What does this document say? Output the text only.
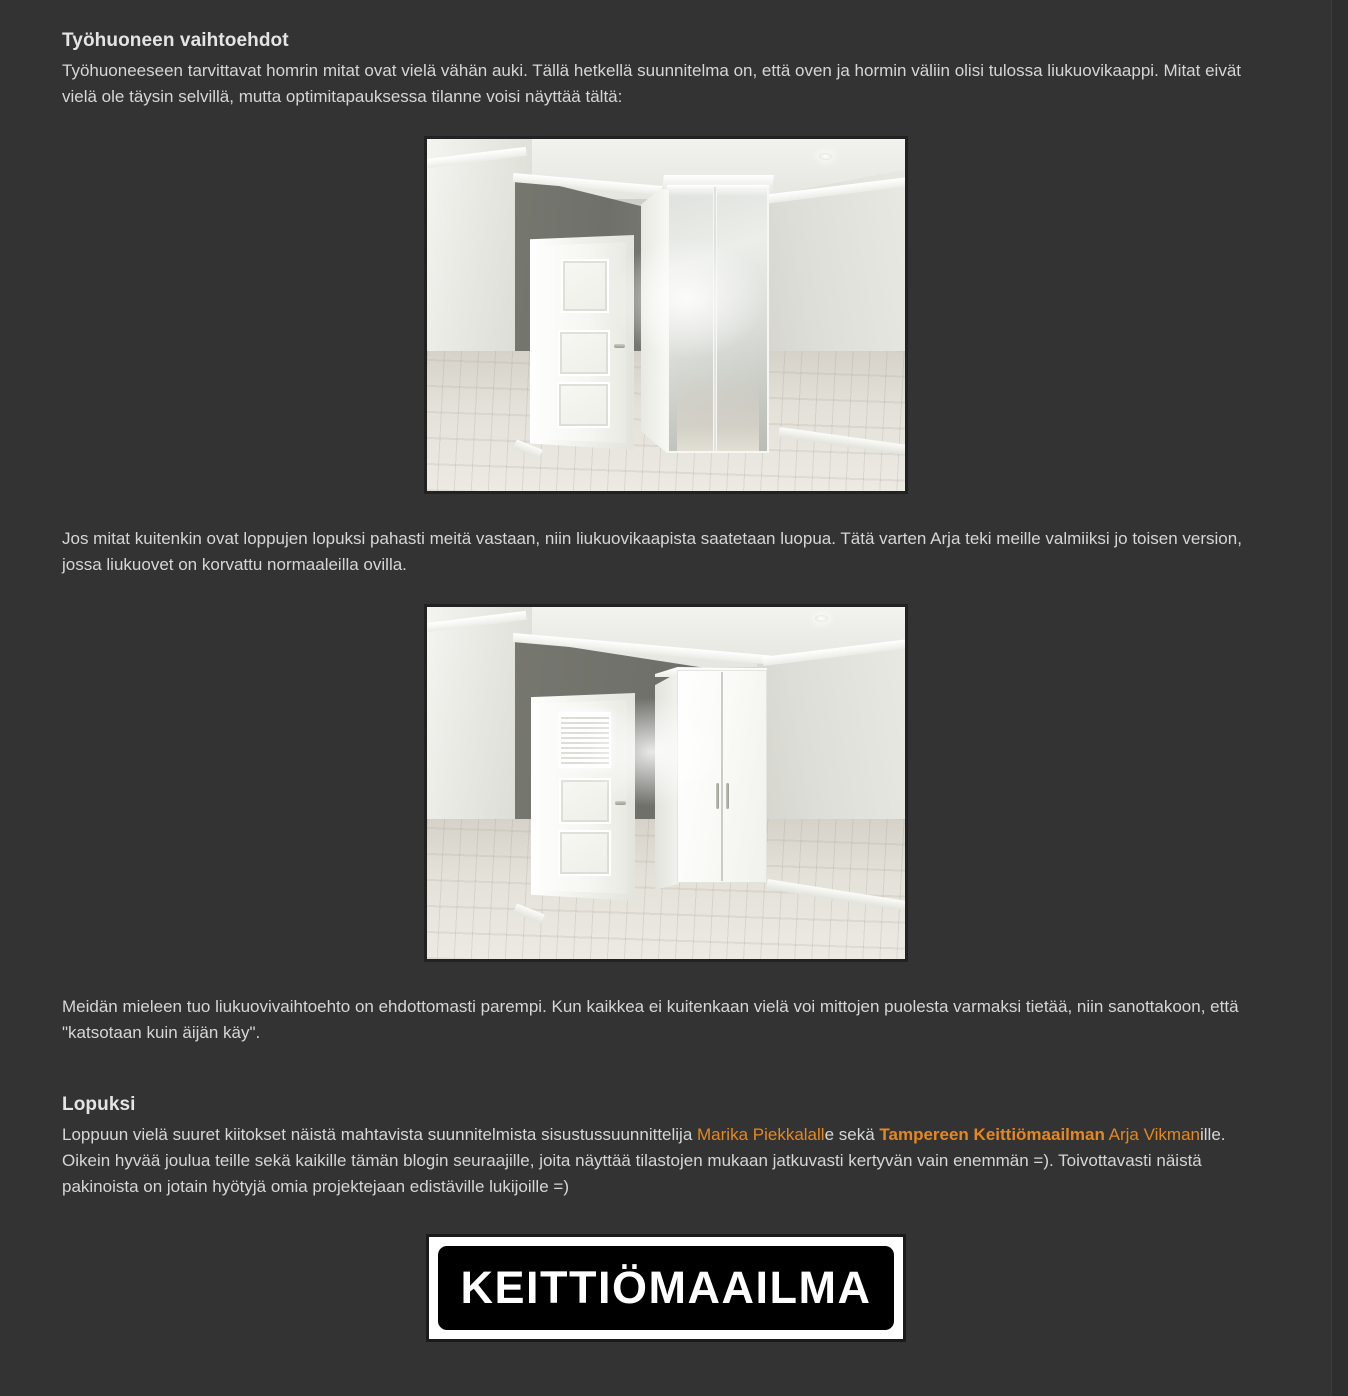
Työhuoneen vaihtoehdot

Työhuoneeseen tarvittavat homrin mitat ovat vielä vähän auki. Tällä hetkellä suunnitelma on, että oven ja hormin väliin olisi tulossa liukuovikaappi. Mitat eivät vielä ole täysin selvillä, mutta optimitapauksessa tilanne voisi näyttää tältä:

Jos mitat kuitenkin ovat loppujen lopuksi pahasti meitä vastaan, niin liukuovikaapista saatetaan luopua. Tätä varten Arja teki meille valmiiksi jo toisen version, jossa liukuovet on korvattu normaaleilla ovilla.

Meidän mieleen tuo liukuovivaihtoehto on ehdottomasti parempi. Kun kaikkea ei kuitenkaan vielä voi mittojen puolesta varmaksi tietää, niin sanottakoon, että "katsotaan kuin äijän käy".

Lopuksi

Loppuun vielä suuret kiitokset näistä mahtavista suunnitelmista sisustussuunnittelija Marika Piekkalalle sekä Tampereen Keittiömaailman Arja Vikmanille. Oikein hyvää joulua teille sekä kaikille tämän blogin seuraajille, joita näyttää tilastojen mukaan jatkuvasti kertyvän vain enemmän =). Toivottavasti näistä pakinoista on jotain hyötyjä omia projektejaan edistäville lukijoille =)

KEITTIÖMAAILMA
